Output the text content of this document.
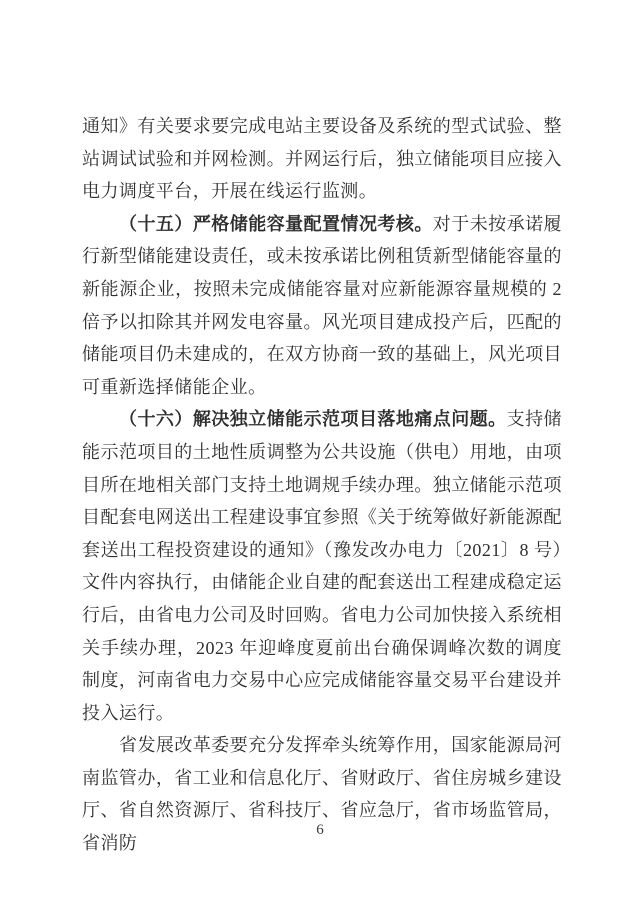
通知》有关要求要完成电站主要设备及系统的型式试验、整站调试试验和并网检测。并网运行后，独立储能项目应接入电力调度平台，开展在线运行监测。

（十五）严格储能容量配置情况考核。对于未按承诺履行新型储能建设责任，或未按承诺比例租赁新型储能容量的新能源企业，按照未完成储能容量对应新能源容量规模的 2 倍予以扣除其并网发电容量。风光项目建成投产后，匹配的储能项目仍未建成的，在双方协商一致的基础上，风光项目可重新选择储能企业。

（十六）解决独立储能示范项目落地痛点问题。支持储能示范项目的土地性质调整为公共设施（供电）用地，由项目所在地相关部门支持土地调规手续办理。独立储能示范项目配套电网送出工程建设事宜参照《关于统筹做好新能源配套送出工程投资建设的通知》（豫发改办电力〔2021〕8 号）文件内容执行，由储能企业自建的配套送出工程建成稳定运行后，由省电力公司及时回购。省电力公司加快接入系统相关手续办理，2023 年迎峰度夏前出台确保调峰次数的调度制度，河南省电力交易中心应完成储能容量交易平台建设并投入运行。

省发展改革委要充分发挥牵头统筹作用，国家能源局河南监管办，省工业和信息化厅、省财政厅、省住房城乡建设厅、省自然资源厅、省科技厅、省应急厅，省市场监管局，省消防

6
